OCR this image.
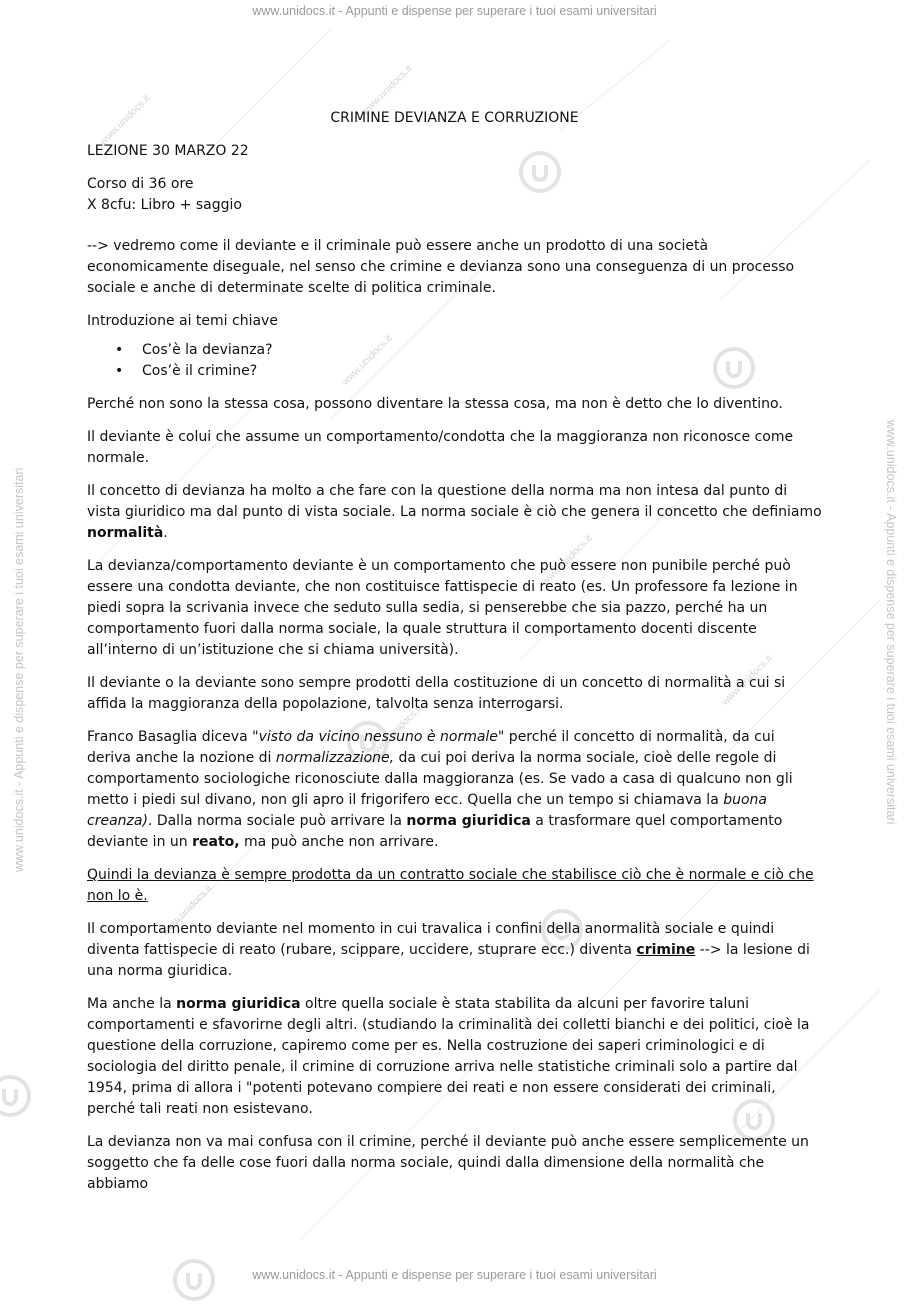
www.unidocs.it
www.unidocs.it
www.unidocs.it
www.unidocs.it
www.unidocs.it
www.unidocs.it
www.unidocs.it
www.unidocs.it - Appunti e dispense per superare i tuoi esami universitari
www.unidocs.it - Appunti e dispense per superare i tuoi esami universitari
www.unidocs.it - Appunti e dispense per superare i tuoi esami universitari	www.unidocs.it - Appunti e dispense per superare i tuoi esami universitari

CRIMINE DEVIANZA E CORRUZIONE

LEZIONE 30 MARZO 22

Corso di 36 ore
X 8cfu: Libro + saggio

--> vedremo come il deviante e il criminale può essere anche un prodotto di una società economicamente diseguale, nel senso che crimine e devianza sono una conseguenza di un processo sociale e anche di determinate scelte di politica criminale.

Introduzione ai temi chiave

• Cos’è la devianza?
• Cos’è il crimine?

Perché non sono la stessa cosa, possono diventare la stessa cosa, ma non è detto che lo diventino.

Il deviante è colui che assume un comportamento/condotta che la maggioranza non riconosce come normale.

Il concetto di devianza ha molto a che fare con la questione della norma ma non intesa dal punto di vista giuridico ma dal punto di vista sociale. La norma sociale è ciò che genera il concetto che definiamo normalità.

La devianza/comportamento deviante è un comportamento che può essere non punibile perché può essere una condotta deviante, che non costituisce fattispecie di reato (es. Un professore fa lezione in piedi sopra la scrivania invece che seduto sulla sedia, si penserebbe che sia pazzo, perché ha un comportamento fuori dalla norma sociale, la quale struttura il comportamento docenti discente all’interno di un’istituzione che si chiama università).

Il deviante o la deviante sono sempre prodotti della costituzione di un concetto di normalità a cui si affida la maggioranza della popolazione, talvolta senza interrogarsi.

Franco Basaglia diceva "visto da vicino nessuno è normale" perché il concetto di normalità, da cui deriva anche la nozione di normalizzazione, da cui poi deriva la norma sociale, cioè delle regole di comportamento sociologiche riconosciute dalla maggioranza (es. Se vado a casa di qualcuno non gli metto i piedi sul divano, non gli apro il frigorifero ecc. Quella che un tempo si chiamava la buona creanza). Dalla norma sociale può arrivare la norma giuridica a trasformare quel comportamento deviante in un reato, ma può anche non arrivare.

Quindi la devianza è sempre prodotta da un contratto sociale che stabilisce ciò che è normale e ciò che non lo è.

Il comportamento deviante nel momento in cui travalica i confini della anormalità sociale e quindi diventa fattispecie di reato (rubare, scippare, uccidere, stuprare ecc.) diventa crimine --> la lesione di una norma giuridica.

Ma anche la norma giuridica oltre quella sociale è stata stabilita da alcuni per favorire taluni comportamenti e sfavorirne degli altri. (studiando la criminalità dei colletti bianchi e dei politici, cioè la questione della corruzione, capiremo come per es. Nella costruzione dei saperi criminologici e di sociologia del diritto penale, il crimine di corruzione arriva nelle statistiche criminali solo a partire dal 1954, prima di allora i "potenti potevano compiere dei reati e non essere considerati dei criminali, perché tali reati non esistevano.

La devianza non va mai confusa con il crimine, perché il deviante può anche essere semplicemente un soggetto che fa delle cose fuori dalla norma sociale, quindi dalla dimensione della normalità che abbiamo
